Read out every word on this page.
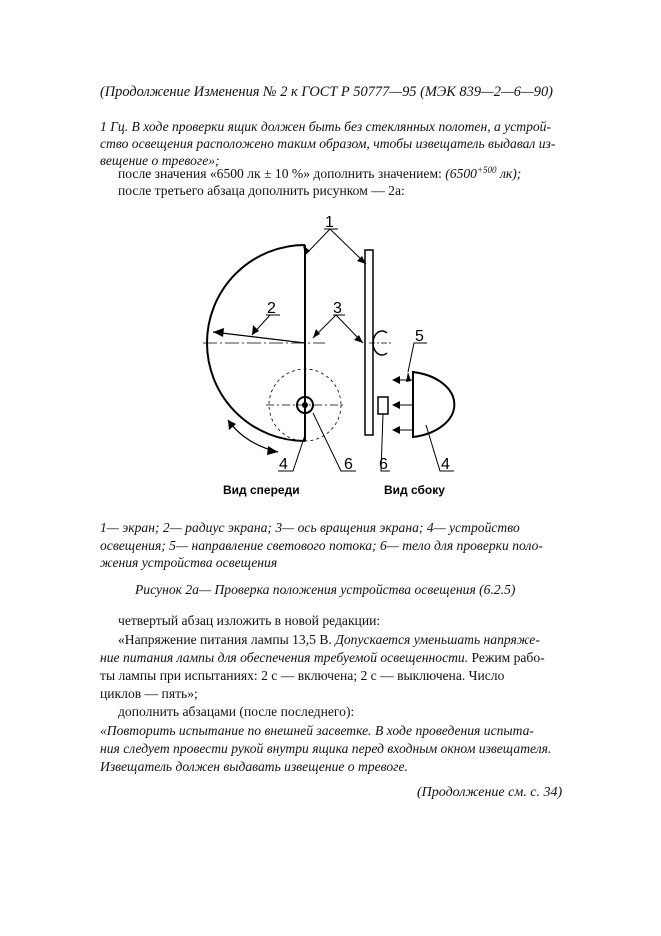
(Продолжение Изменения № 2 к ГОСТ Р 50777—95 (МЭК 839—2—6—90)
1 Гц. В ходе проверки ящик должен быть без стеклянных полотен, а устрой-
ство освещения расположено таким образом, чтобы извещатель выдавал из-
вещение о тревоге»;
после значения «6500 лк ± 10 %» дополнить значением: ($6500^{+500}$ лк);
после третьего абзаца дополнить рисунком — 2а:
1
2	3
4	6
5
6	4
Вид спереди	Вид сбоку
1— экран; 2— радиус экрана; 3— ось вращения экрана; 4— устройство
освещения; 5— направление светового потока; 6— тело для проверки поло-
жения устройства освещения
Рисунок 2а— Проверка положения устройства освещения (6.2.5)
четвертый абзац изложить в новой редакции:
«Напряжение питания лампы 13,5 В. Допускается уменьшать напряже-
ние питания лампы для обеспечения требуемой освещенности. Режим рабо-
ты лампы при испытаниях: 2 с — включена; 2 с — выключена. Число
циклов — пять»;
дополнить абзацами (после последнего):
«Повторить испытание по внешней засветке. В ходе проведения испыта-
ния следует провести рукой внутри ящика перед входным окном извещателя.
Извещатель должен выдавать извещение о тревоге.
(Продолжение см. с. 34)
